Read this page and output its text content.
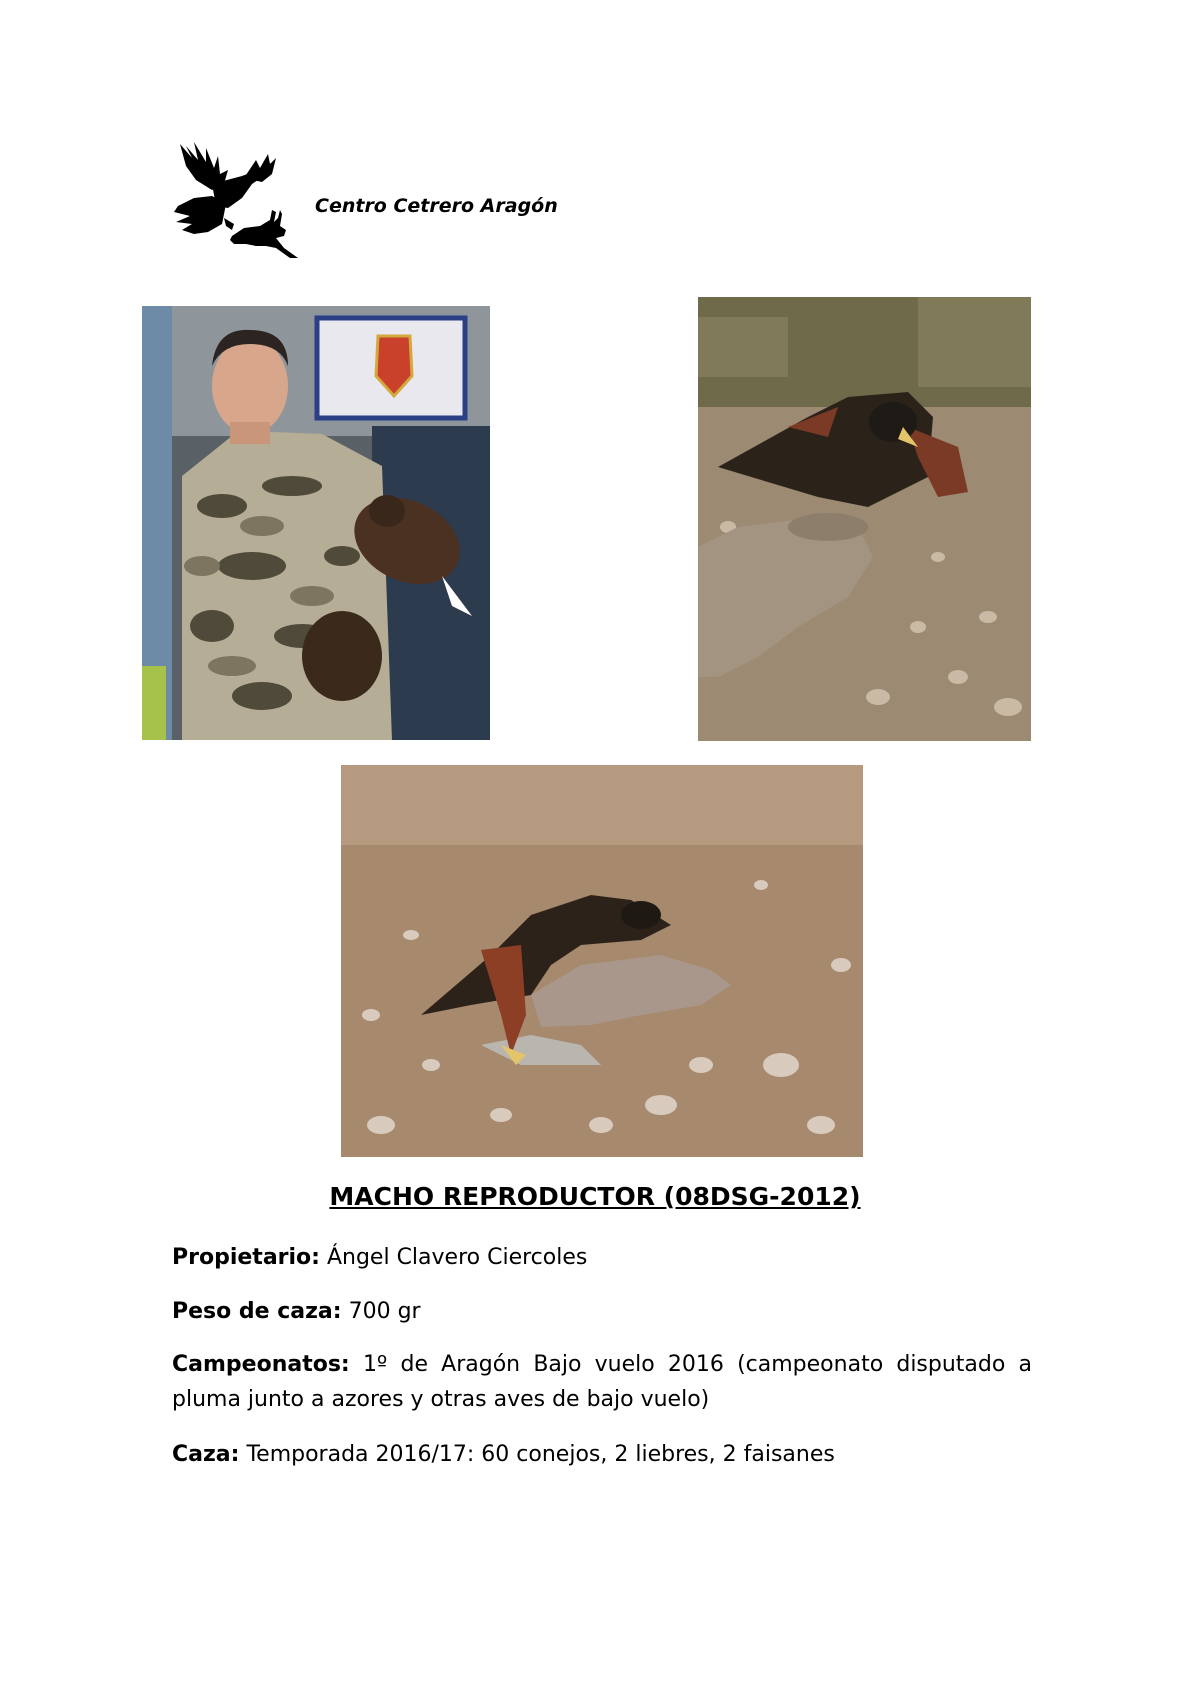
Centro Cetrero Aragón
MACHO REPRODUCTOR (08DSG-2012)
Propietario: Ángel Clavero Ciercoles
Peso de caza: 700 gr
Campeonatos: 1º de Aragón Bajo vuelo 2016 (campeonato disputado a pluma junto a azores y otras aves de bajo vuelo)
Caza: Temporada 2016/17: 60 conejos, 2 liebres, 2 faisanes
